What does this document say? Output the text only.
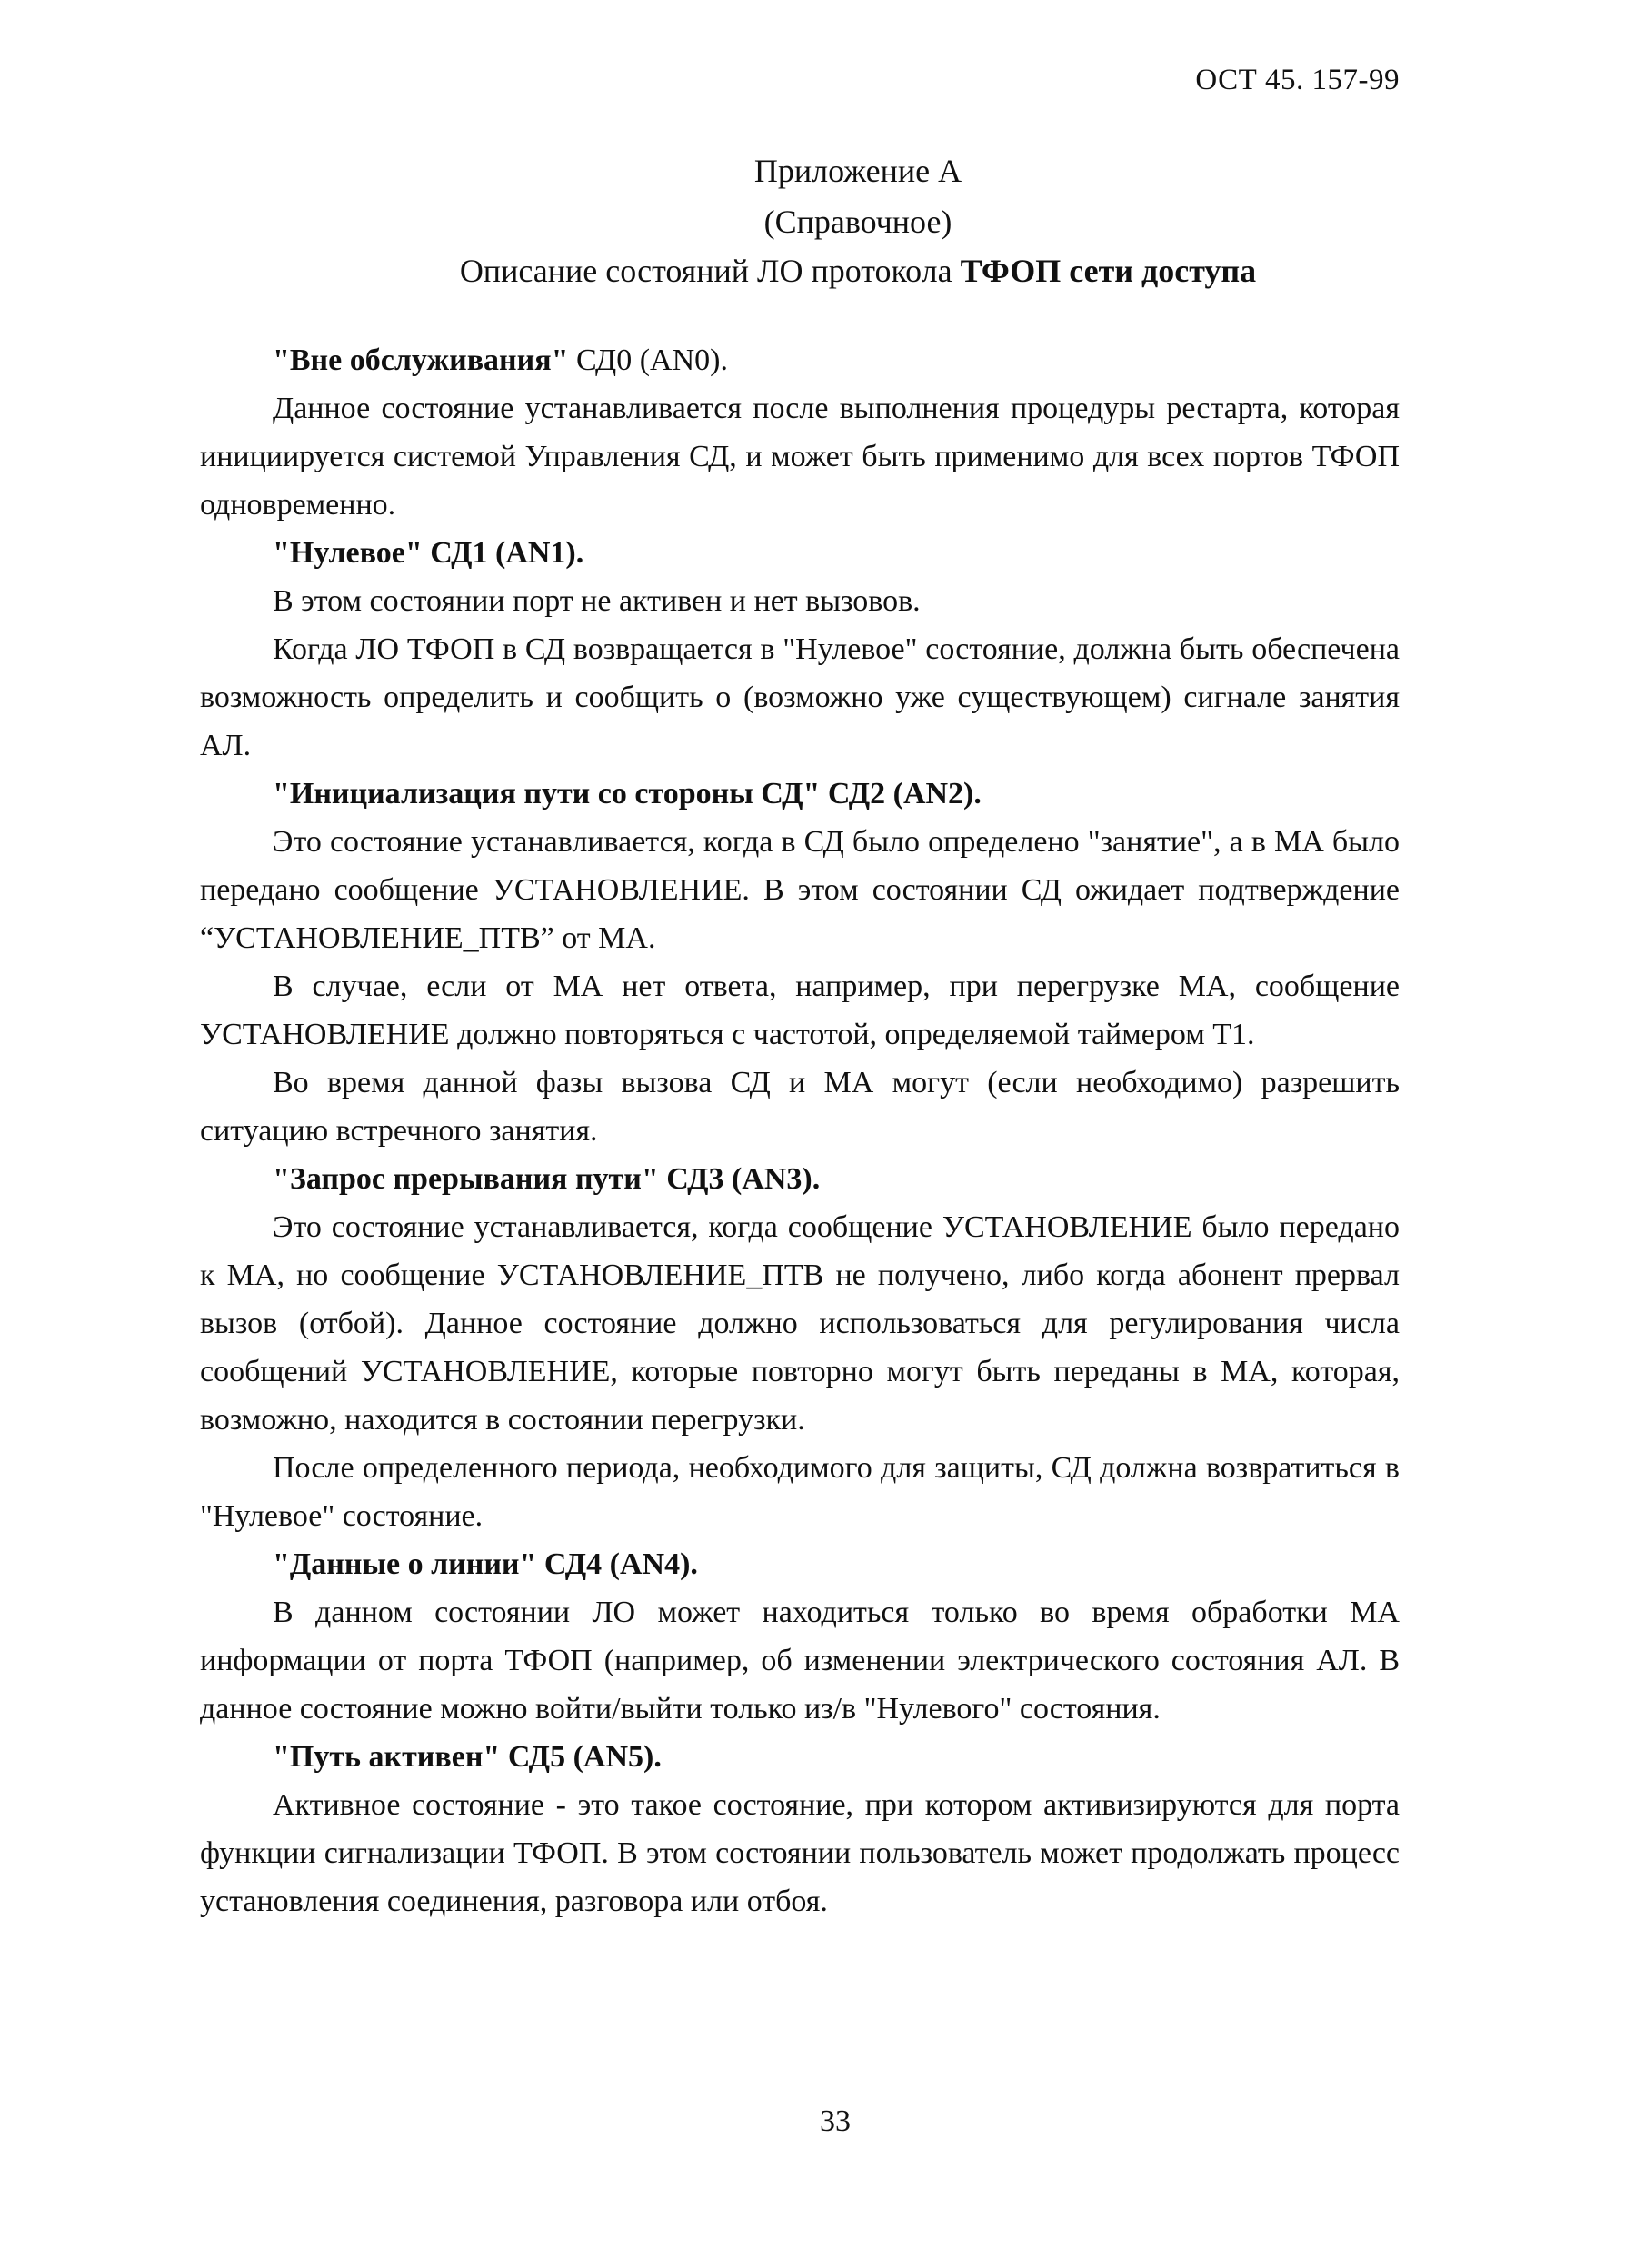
ОСТ 45. 157-99
Приложение А
(Справочное)
Описание состояний ЛО протокола ТФОП сети доступа

"Вне обслуживания" СД0 (AN0).

Данное состояние устанавливается после выполнения процедуры рестарта, которая инициируется системой Управления СД, и может быть применимо для всех портов ТФОП одновременно.

"Нулевое" СД1 (AN1).

В этом состоянии порт не активен и нет вызовов.

Когда ЛО ТФОП в СД возвращается в "Нулевое" состояние, должна быть обеспечена возможность определить и сообщить о (возможно уже существующем) сигнале занятия АЛ.

"Инициализация пути со стороны СД" СД2 (AN2).

Это состояние устанавливается, когда в СД было определено "занятие", а в МА было передано сообщение УСТАНОВЛЕНИЕ. В этом состоянии СД ожидает подтверждение “УСТАНОВЛЕНИЕ_ПТВ” от МА.

В случае, если от МА нет ответа, например, при перегрузке МА, сообщение УСТАНОВЛЕНИЕ должно повторяться с частотой, определяемой таймером Т1.

Во время данной фазы вызова СД и МА могут (если необходимо) разрешить ситуацию встречного занятия.

"Запрос прерывания пути" СД3 (AN3).

Это состояние устанавливается, когда сообщение УСТАНОВЛЕНИЕ было передано к МА, но сообщение УСТАНОВЛЕНИЕ_ПТВ не получено, либо когда абонент прервал вызов (отбой). Данное состояние должно использоваться для регулирования числа сообщений УСТАНОВЛЕНИЕ, которые повторно могут быть переданы в МА, которая, возможно, находится в состоянии перегрузки.

После определенного периода, необходимого для защиты, СД должна возвратиться в "Нулевое" состояние.

"Данные о линии" СД4 (AN4).

В данном состоянии ЛО может находиться только во время обработки МА информации от порта ТФОП (например, об изменении электрического состояния АЛ. В данное состояние можно войти/выйти только из/в "Нулевого" состояния.

"Путь активен" СД5 (AN5).

Активное состояние - это такое состояние, при котором активизируются для порта функции сигнализации ТФОП. В этом состоянии пользователь может продолжать процесс установления соединения, разговора или отбоя.

33
